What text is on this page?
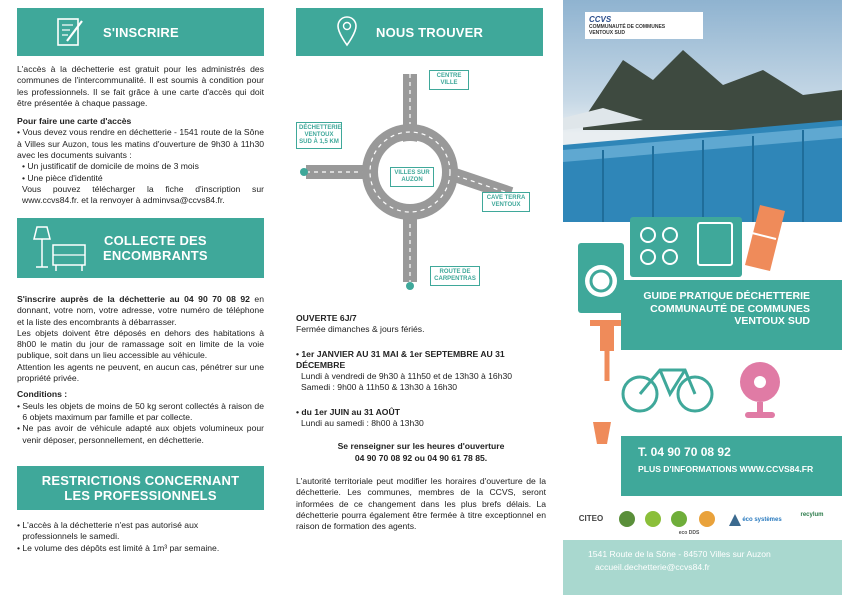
S'INSCRIRE

L'accès à la déchetterie est gratuit pour les administrés des communes de l'intercommunalité. Il est soumis à condition pour les professionnels. Il se fait grâce à une carte d'accès qui doit être présentée à chaque passage.

Pour faire une carte d'accès

• Vous devez vous rendre en déchetterie - 1541 route de la Sône à Villes sur Auzon, tous les matins d'ouverture de 9h30 à 11h30 avec les documents suivants :
• Un justificatif de domicile de moins de 3 mois
• Une pièce d'identité

Vous pouvez télécharger la fiche d'inscription sur www.ccvs84.fr. et la renvoyer à adminvsa@ccvs84.fr.

COLLECTE DES
ENCOMBRANTS

S'inscrire auprès de la déchetterie au 04 90 70 08 92 en donnant, votre nom, votre adresse, votre numéro de téléphone et la liste des encombrants à débarrasser.

Les objets doivent être déposés en dehors des habitations à 8h00 le matin du jour de ramassage soit en limite de la voie publique, soit dans un lieu accessible au véhicule.

Attention les agents ne peuvent, en aucun cas, pénétrer sur une propriété privée.

Conditions :

• Seuls les objets de moins de 50 kg seront collectés à raison de 6 objets maximum par famille et par collecte.
• Ne pas avoir de véhicule adapté aux objets volumineux pour venir déposer, personnellement, en déchetterie.
RESTRICTIONS CONCERNANT
LES PROFESSIONNELS
• L'accès à la déchetterie n'est pas autorisé aux professionnels le samedi.
• Le volume des dépôts est limité à 1m³ par semaine.
NOUS TROUVER
CENTRE VILLE
DÉCHETTERIE VENTOUX SUD À 1,5 KM
VILLES SUR AUZON
CAVE TERRA VENTOUX
ROUTE DE CARPENTRAS

OUVERTE 6J/7

Fermée dimanches & jours fériés.

• 1er JANVIER AU 31 MAI & 1er SEPTEMBRE AU 31 DÉCEMBRE

Lundi à vendredi de 9h30 à 11h50 et de 13h30 à 16h30

Samedi : 9h00 à 11h50 & 13h30 à 16h30

• du 1er JUIN au 31 AOÛT

Lundi au samedi : 8h00 à 13h30

Se renseigner sur les heures d'ouverture

04 90 70 08 92 ou 04 90 61 78 85.

L'autorité territoriale peut modifier les horaires d'ouverture de la déchetterie. Les communes, membres de la CCVS, seront informées de ce changement dans les plus brefs délais. La déchetterie pourra également être fermée à titre exceptionnel en raison de formation des agents.

CCVS
COMMUNAUTÉ DE COMMUNES
VENTOUX SUD
GUIDE PRATIQUE DÉCHETTERIE
COMMUNAUTÉ DE COMMUNES
VENTOUX SUD
T. 04 90 70 08 92
PLUS D'INFORMATIONS WWW.CCVS84.FR
CITEO
eco DDS
éco systèmes
recylum
1541 Route de la Sône - 84570 Villes sur Auzon
accueil.dechetterie@ccvs84.fr
